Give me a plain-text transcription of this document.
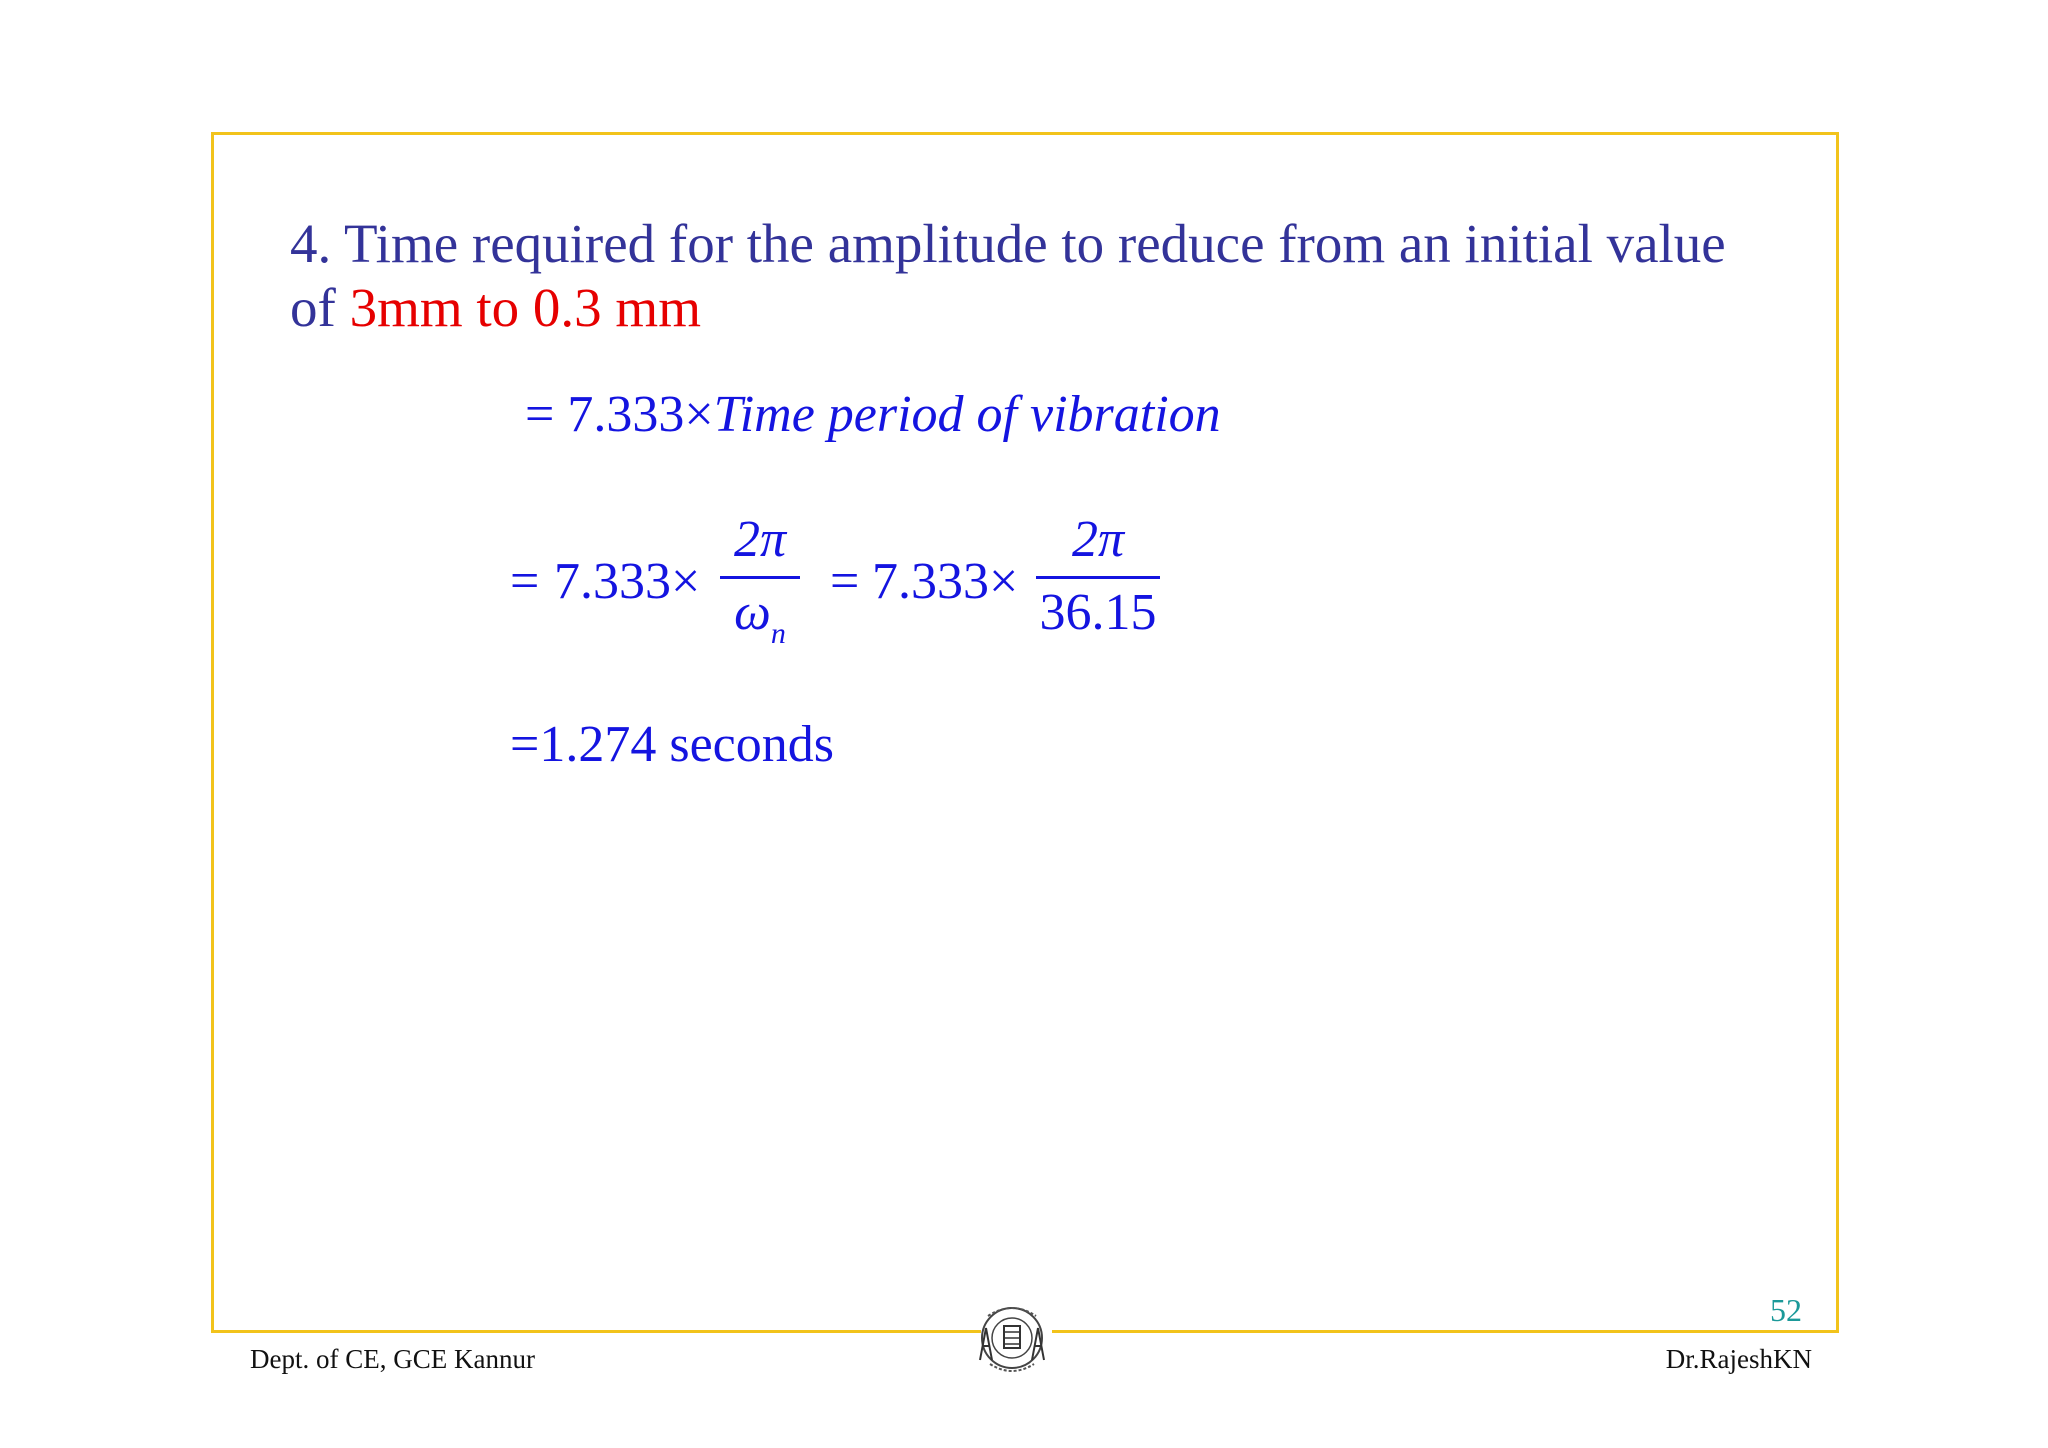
4. Time required for the amplitude to reduce from an initial value of 3mm to 0.3 mm
= 7.333×Time period of vibration
= $7.333\times \frac{2\pi}{\omega_n} = 7.333\times \frac{2\pi}{36.15}$
=1.274 seconds
52
Dept. of CE, GCE Kannur	Dr.RajeshKN
